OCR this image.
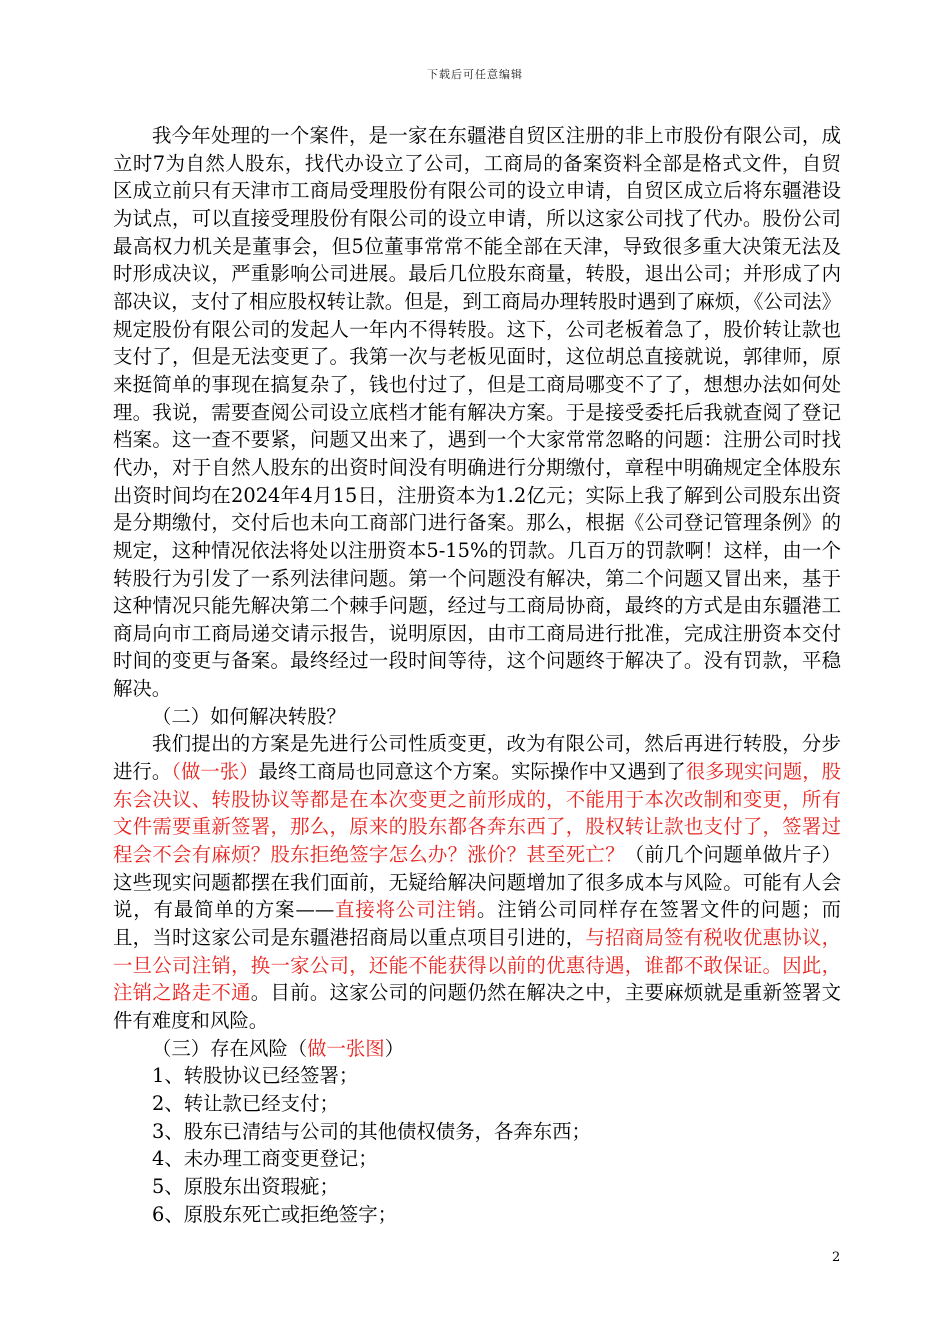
下载后可任意编辑

我今年处理的一个案件，是一家在东疆港自贸区注册的非上市股份有限公司，成立时7为自然人股东，找代办设立了公司，工商局的备案资料全部是格式文件，自贸区成立前只有天津市工商局受理股份有限公司的设立申请，自贸区成立后将东疆港设为试点，可以直接受理股份有限公司的设立申请，所以这家公司找了代办。股份公司最高权力机关是董事会，但5位董事常常不能全部在天津，导致很多重大决策无法及时形成决议，严重影响公司进展。最后几位股东商量，转股，退出公司；并形成了内部决议，支付了相应股权转让款。但是，到工商局办理转股时遇到了麻烦，《公司法》规定股份有限公司的发起人一年内不得转股。这下，公司老板着急了，股价转让款也支付了，但是无法变更了。我第一次与老板见面时，这位胡总直接就说，郭律师，原来挺简单的事现在搞复杂了，钱也付过了，但是工商局哪变不了了，想想办法如何处理。我说，需要查阅公司设立底档才能有解决方案。于是接受委托后我就查阅了登记档案。这一查不要紧，问题又出来了，遇到一个大家常常忽略的问题：注册公司时找代办，对于自然人股东的出资时间没有明确进行分期缴付，章程中明确规定全体股东出资时间均在2024年4月15日，注册资本为1.2亿元；实际上我了解到公司股东出资是分期缴付，交付后也未向工商部门进行备案。那么，根据《公司登记管理条例》的规定，这种情况依法将处以注册资本5-15%的罚款。几百万的罚款啊！这样，由一个转股行为引发了一系列法律问题。第一个问题没有解决，第二个问题又冒出来，基于这种情况只能先解决第二个棘手问题，经过与工商局协商，最终的方式是由东疆港工商局向市工商局递交请示报告，说明原因，由市工商局进行批准，完成注册资本交付时间的变更与备案。最终经过一段时间等待，这个问题终于解决了。没有罚款，平稳解决。

（二）如何解决转股？

我们提出的方案是先进行公司性质变更，改为有限公司，然后再进行转股，分步进行。（做一张）最终工商局也同意这个方案。实际操作中又遇到了很多现实问题，股东会决议、转股协议等都是在本次变更之前形成的，不能用于本次改制和变更，所有文件需要重新签署，那么，原来的股东都各奔东西了，股权转让款也支付了，签署过程会不会有麻烦？股东拒绝签字怎么办？涨价？甚至死亡？（前几个问题单做片子）这些现实问题都摆在我们面前，无疑给解决问题增加了很多成本与风险。可能有人会说，有最简单的方案——直接将公司注销。注销公司同样存在签署文件的问题；而且，当时这家公司是东疆港招商局以重点项目引进的，与招商局签有税收优惠协议，一旦公司注销，换一家公司，还能不能获得以前的优惠待遇，谁都不敢保证。因此，注销之路走不通。目前。这家公司的问题仍然在解决之中，主要麻烦就是重新签署文件有难度和风险。

（三）存在风险（做一张图）

1、转股协议已经签署；

2、转让款已经支付；

3、股东已清结与公司的其他债权债务，各奔东西；

4、未办理工商变更登记；

5、原股东出资瑕疵；

6、原股东死亡或拒绝签字；

2
